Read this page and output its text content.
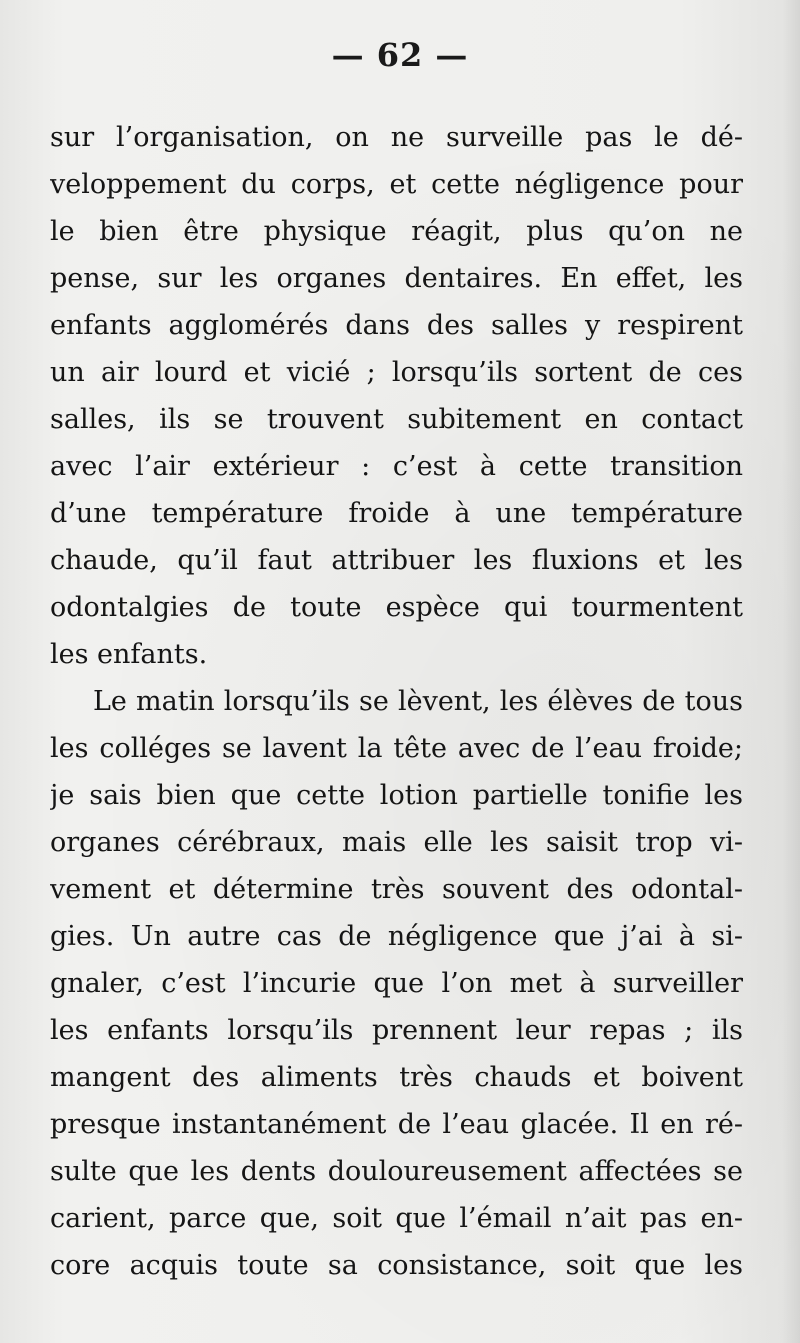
— 62 —
sur l’organisation, on ne surveille pas le dé-
veloppement du corps, et cette négligence pour
le bien être physique réagit, plus qu’on ne
pense, sur les organes dentaires. En effet, les
enfants agglomérés dans des salles y respirent
un air lourd et vicié ; lorsqu’ils sortent de ces
salles, ils se trouvent subitement en contact
avec l’air extérieur : c’est à cette transition
d’une température froide à une température
chaude, qu’il faut attribuer les fluxions et les
odontalgies de toute espèce qui tourmentent
les enfants.
Le matin lorsqu’ils se lèvent, les élèves de tous
les colléges se lavent la tête avec de l’eau froide;
je sais bien que cette lotion partielle tonifie les
organes cérébraux, mais elle les saisit trop vi-
vement et détermine très souvent des odontal-
gies. Un autre cas de négligence que j’ai à si-
gnaler, c’est l’incurie que l’on met à surveiller
les enfants lorsqu’ils prennent leur repas ; ils
mangent des aliments très chauds et boivent
presque instantanément de l’eau glacée. Il en ré-
sulte que les dents douloureusement affectées se
carient, parce que, soit que l’émail n’ait pas en-
core acquis toute sa consistance, soit que les
